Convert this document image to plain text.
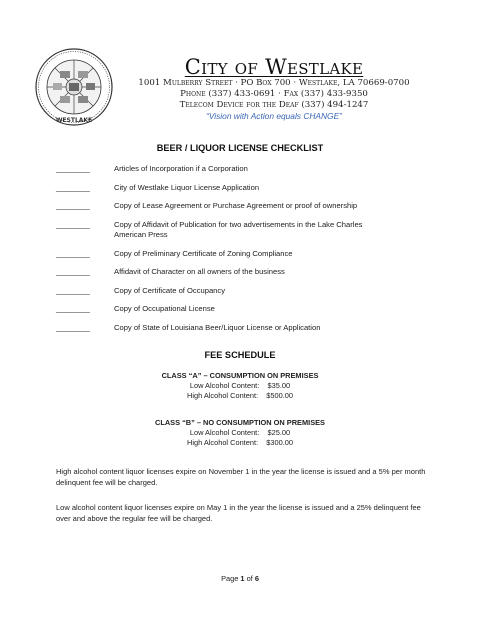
WESTLAKE
City of Westlake
1001 Mulberry Street · PO Box 700 · Westlake, LA 70669-0700
Phone (337) 433-0691 · Fax (337) 433-9350
Telecom Device for the Deaf (337) 494-1247
“Vision with Action equals CHANGE”
BEER / LIQUOR LICENSE CHECKLIST
________	Articles of Incorporation if a Corporation
________	City of Westlake Liquor License Application
________	Copy of Lease Agreement or Purchase Agreement or proof of ownership
________	Copy of Affidavit of Publication for two advertisements in the Lake Charles American Press
________	Copy of Preliminary Certificate of Zoning Compliance
________	Affidavit of Character on all owners of the business
________	Copy of Certificate of Occupancy
________	Copy of Occupational License
________	Copy of State of Louisiana Beer/Liquor License or Application
FEE SCHEDULE
CLASS “A” – CONSUMPTION ON PREMISES
Low Alcohol Content: $35.00
High Alcohol Content: $500.00
CLASS “B” – NO CONSUMPTION ON PREMISES
Low Alcohol Content: $25.00
High Alcohol Content: $300.00
High alcohol content liquor licenses expire on November 1 in the year the license is issued and a 5% per month delinquent fee will be charged.
Low alcohol content liquor licenses expire on May 1 in the year the license is issued and a 25% delinquent fee over and above the regular fee will be charged.
Page 1 of 6
